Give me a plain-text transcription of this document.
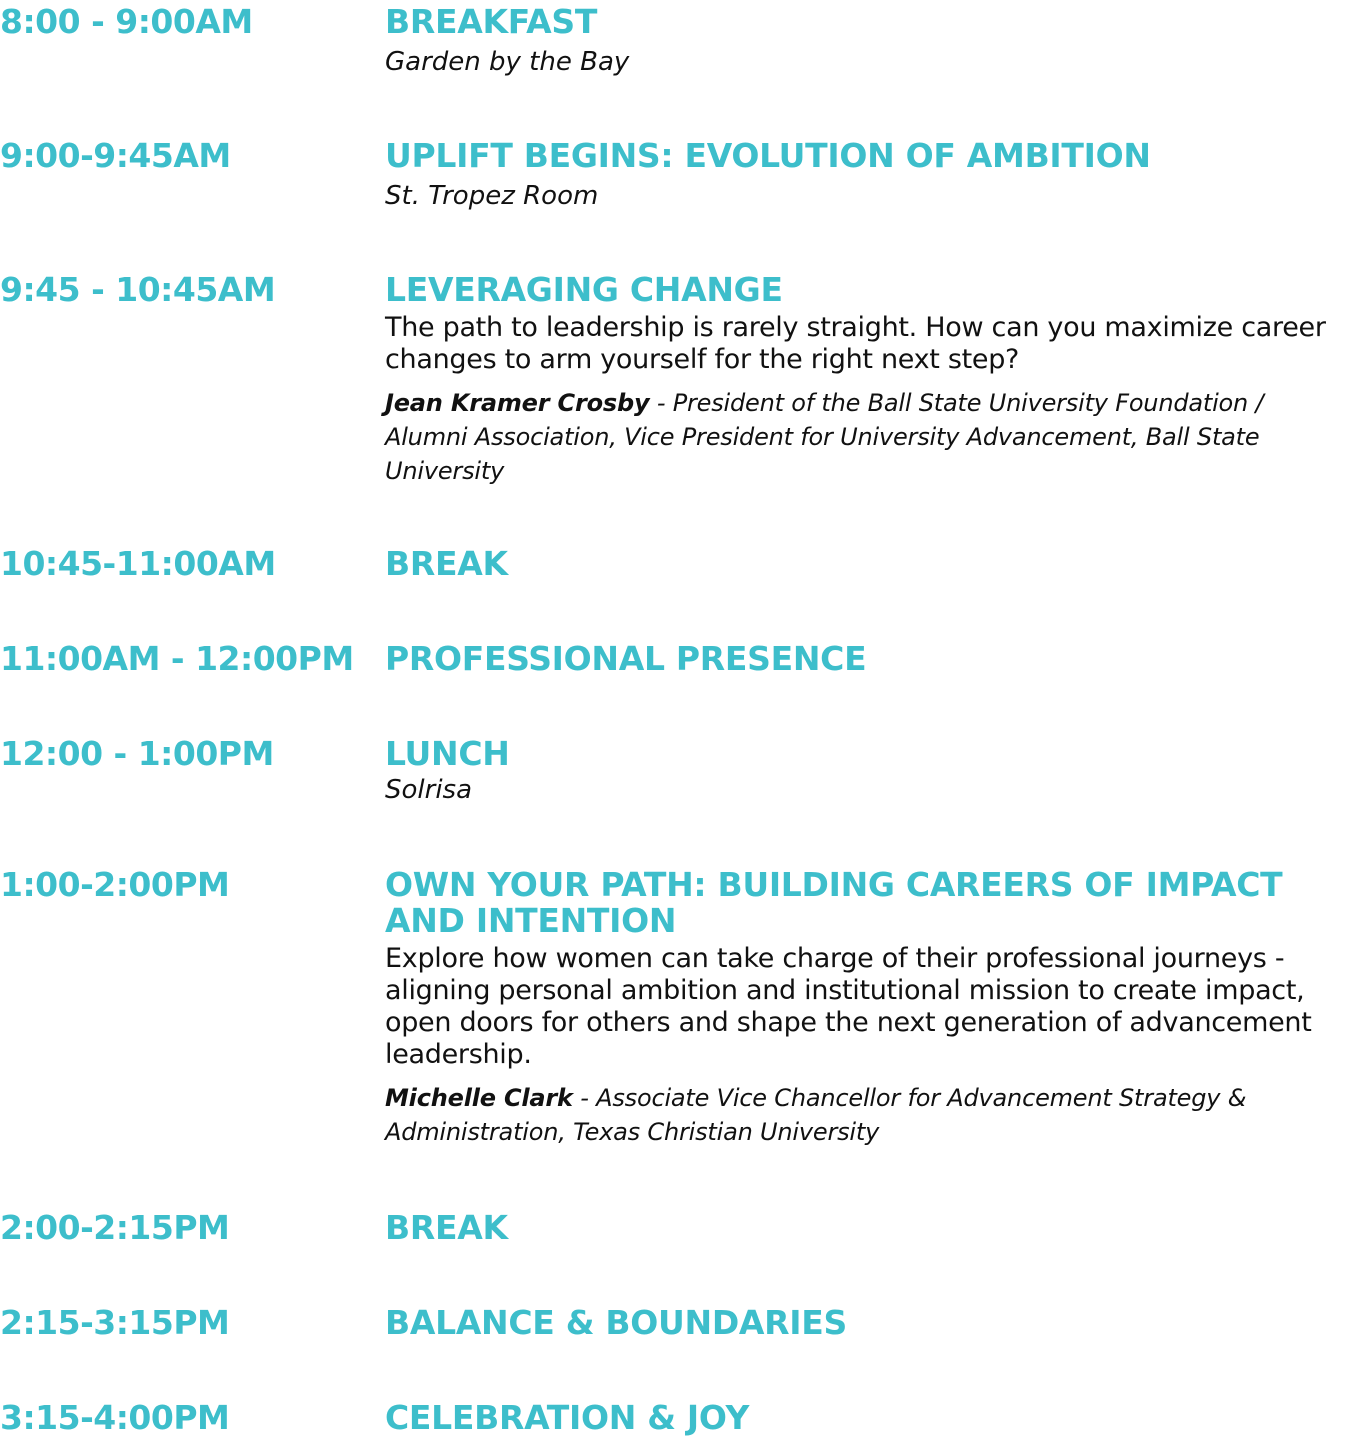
8:00 - 9:00AM	BREAKFAST
Garden by the Bay
9:00-9:45AM	UPLIFT BEGINS: EVOLUTION OF AMBITION
St. Tropez Room
9:45 - 10:45AM	LEVERAGING CHANGE
The path to leadership is rarely straight. How can you maximize career changes to arm yourself for the right next step?
Jean Kramer Crosby - President of the Ball State University Foundation / Alumni Association, Vice President for University Advancement, Ball State University
10:45-11:00AM	BREAK
11:00AM - 12:00PM PROFESSIONAL PRESENCE
12:00 - 1:00PM	LUNCH
Solrisa
1:00-2:00PM	OWN YOUR PATH: BUILDING CAREERS OF IMPACT AND INTENTION
Explore how women can take charge of their professional journeys - aligning personal ambition and institutional mission to create impact, open doors for others and shape the next generation of advancement leadership.
Michelle Clark - Associate Vice Chancellor for Advancement Strategy & Administration, Texas Christian University
2:00-2:15PM	BREAK
2:15-3:15PM	BALANCE & BOUNDARIES
3:15-4:00PM	CELEBRATION & JOY
